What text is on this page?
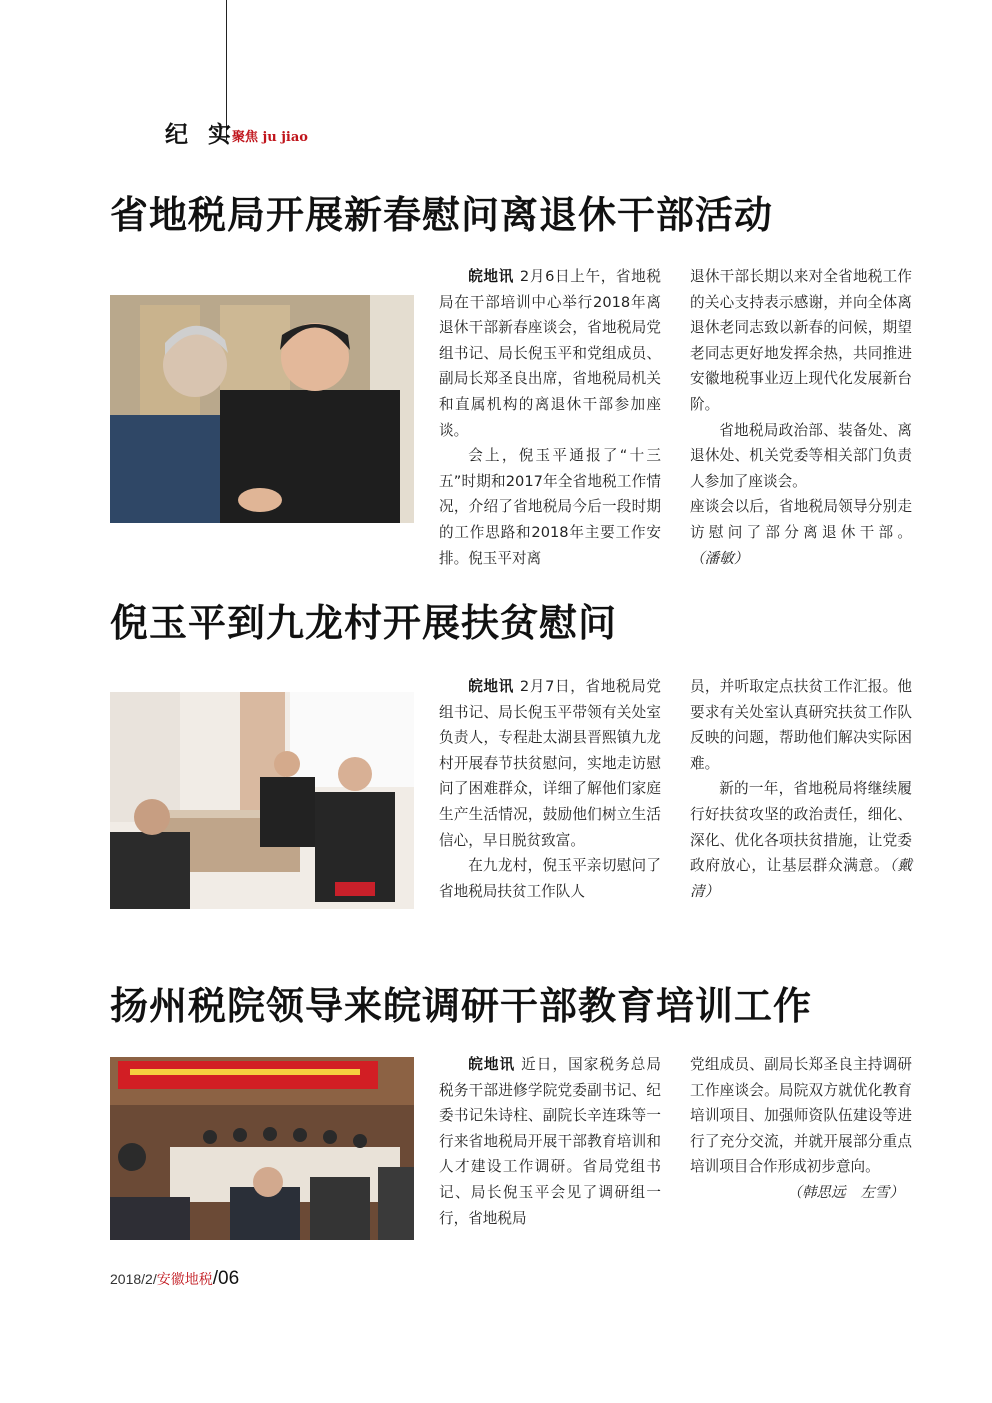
纪 实
聚焦 ju jiao
省地税局开展新春慰问离退休干部活动

皖地讯 2月6日上午，省地税局在干部培训中心举行2018年离退休干部新春座谈会，省地税局党组书记、局长倪玉平和党组成员、副局长郑圣良出席，省地税局机关和直属机构的离退休干部参加座谈。

会上，倪玉平通报了“十三五”时期和2017年全省地税工作情况，介绍了省地税局今后一段时期的工作思路和2018年主要工作安排。倪玉平对离

退休干部长期以来对全省地税工作的关心支持表示感谢，并向全体离退休老同志致以新春的问候，期望老同志更好地发挥余热，共同推进安徽地税事业迈上现代化发展新台阶。

省地税局政治部、装备处、离退休处、机关党委等相关部门负责人参加了座谈会。

座谈会以后，省地税局领导分别走访慰问了部分离退休干部。（潘敏）

倪玉平到九龙村开展扶贫慰问

皖地讯 2月7日，省地税局党组书记、局长倪玉平带领有关处室负责人，专程赴太湖县晋熙镇九龙村开展春节扶贫慰问，实地走访慰问了困难群众，详细了解他们家庭生产生活情况，鼓励他们树立生活信心，早日脱贫致富。

在九龙村，倪玉平亲切慰问了省地税局扶贫工作队人

员，并听取定点扶贫工作汇报。他要求有关处室认真研究扶贫工作队反映的问题，帮助他们解决实际困难。

新的一年，省地税局将继续履行好扶贫攻坚的政治责任，细化、深化、优化各项扶贫措施，让党委政府放心，让基层群众满意。（戴清）

扬州税院领导来皖调研干部教育培训工作

皖地讯 近日，国家税务总局税务干部进修学院党委副书记、纪委书记朱诗柱、副院长辛连珠等一行来省地税局开展干部教育培训和人才建设工作调研。省局党组书记、局长倪玉平会见了调研组一行，省地税局

党组成员、副局长郑圣良主持调研工作座谈会。局院双方就优化教育培训项目、加强师资队伍建设等进行了充分交流，并就开展部分重点培训项目合作形成初步意向。

（韩思远　左雪）

2018/2/安徽地税/06
